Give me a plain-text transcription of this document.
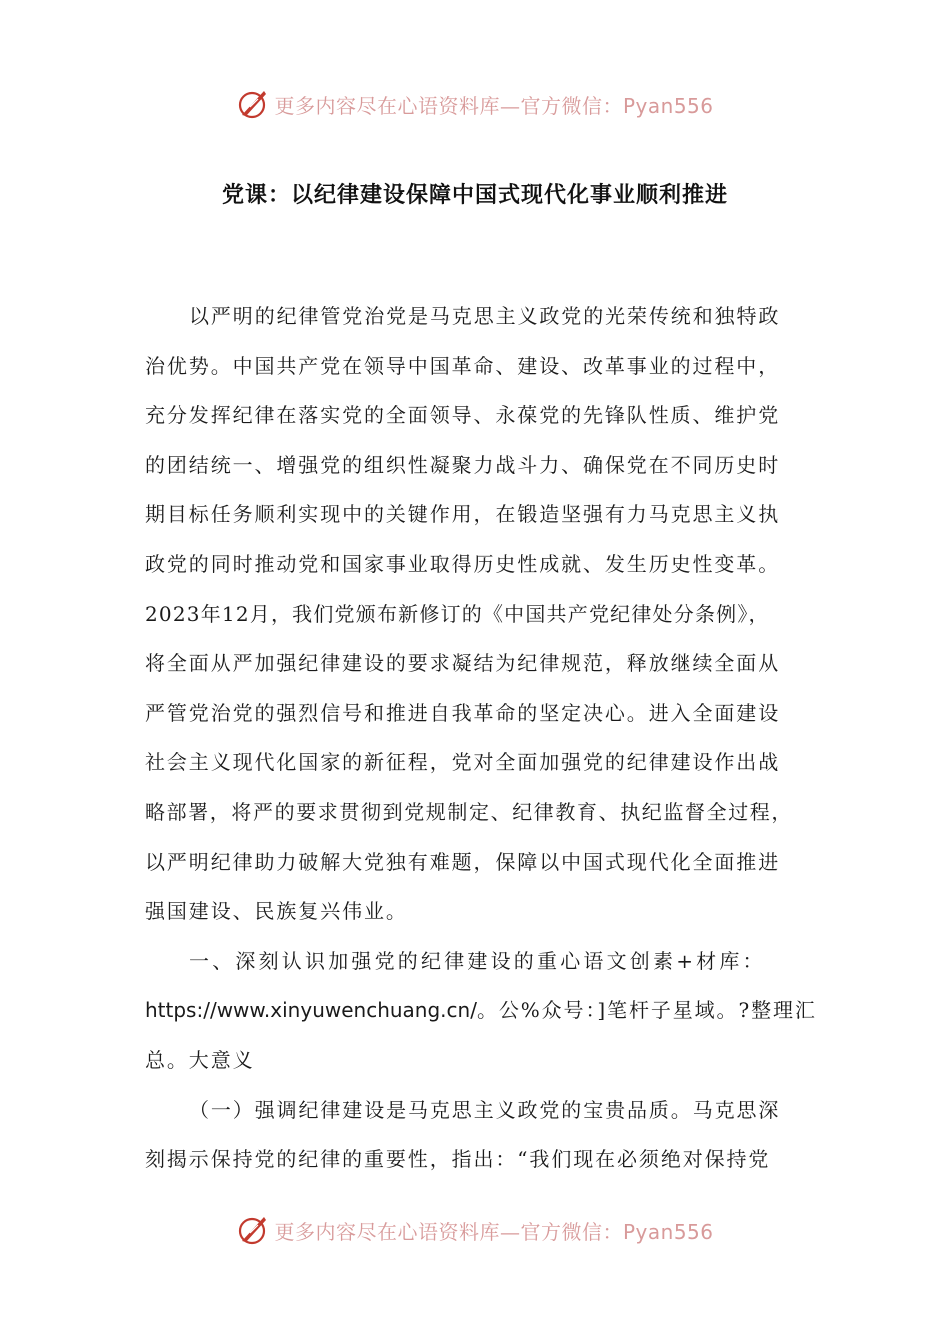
更多内容尽在心语资料库—官方微信：Pyan556
党课：以纪律建设保障中国式现代化事业顺利推进

以严明的纪律管党治党是马克思主义政党的光荣传统和独特政
治优势。中国共产党在领导中国革命、建设、改革事业的过程中，
充分发挥纪律在落实党的全面领导、永葆党的先锋队性质、维护党
的团结统一、增强党的组织性凝聚力战斗力、确保党在不同历史时
期目标任务顺利实现中的关键作用，在锻造坚强有力马克思主义执
政党的同时推动党和国家事业取得历史性成就、发生历史性变革。
2023年12月，我们党颁布新修订的《中国共产党纪律处分条例》，
将全面从严加强纪律建设的要求凝结为纪律规范，释放继续全面从
严管党治党的强烈信号和推进自我革命的坚定决心。进入全面建设
社会主义现代化国家的新征程，党对全面加强党的纪律建设作出战
略部署，将严的要求贯彻到党规制定、纪律教育、执纪监督全过程，
以严明纪律助力破解大党独有难题，保障以中国式现代化全面推进
强国建设、民族复兴伟业。

一、深刻认识加强党的纪律建设的重心语文创素+材库：
https://www.xinyuwenchuang.cn/。公%众号：]笔杆子星域。?整理汇
总。大意义

（一）强调纪律建设是马克思主义政党的宝贵品质。马克思深
刻揭示保持党的纪律的重要性，指出：“我们现在必须绝对保持党

更多内容尽在心语资料库—官方微信：Pyan556
